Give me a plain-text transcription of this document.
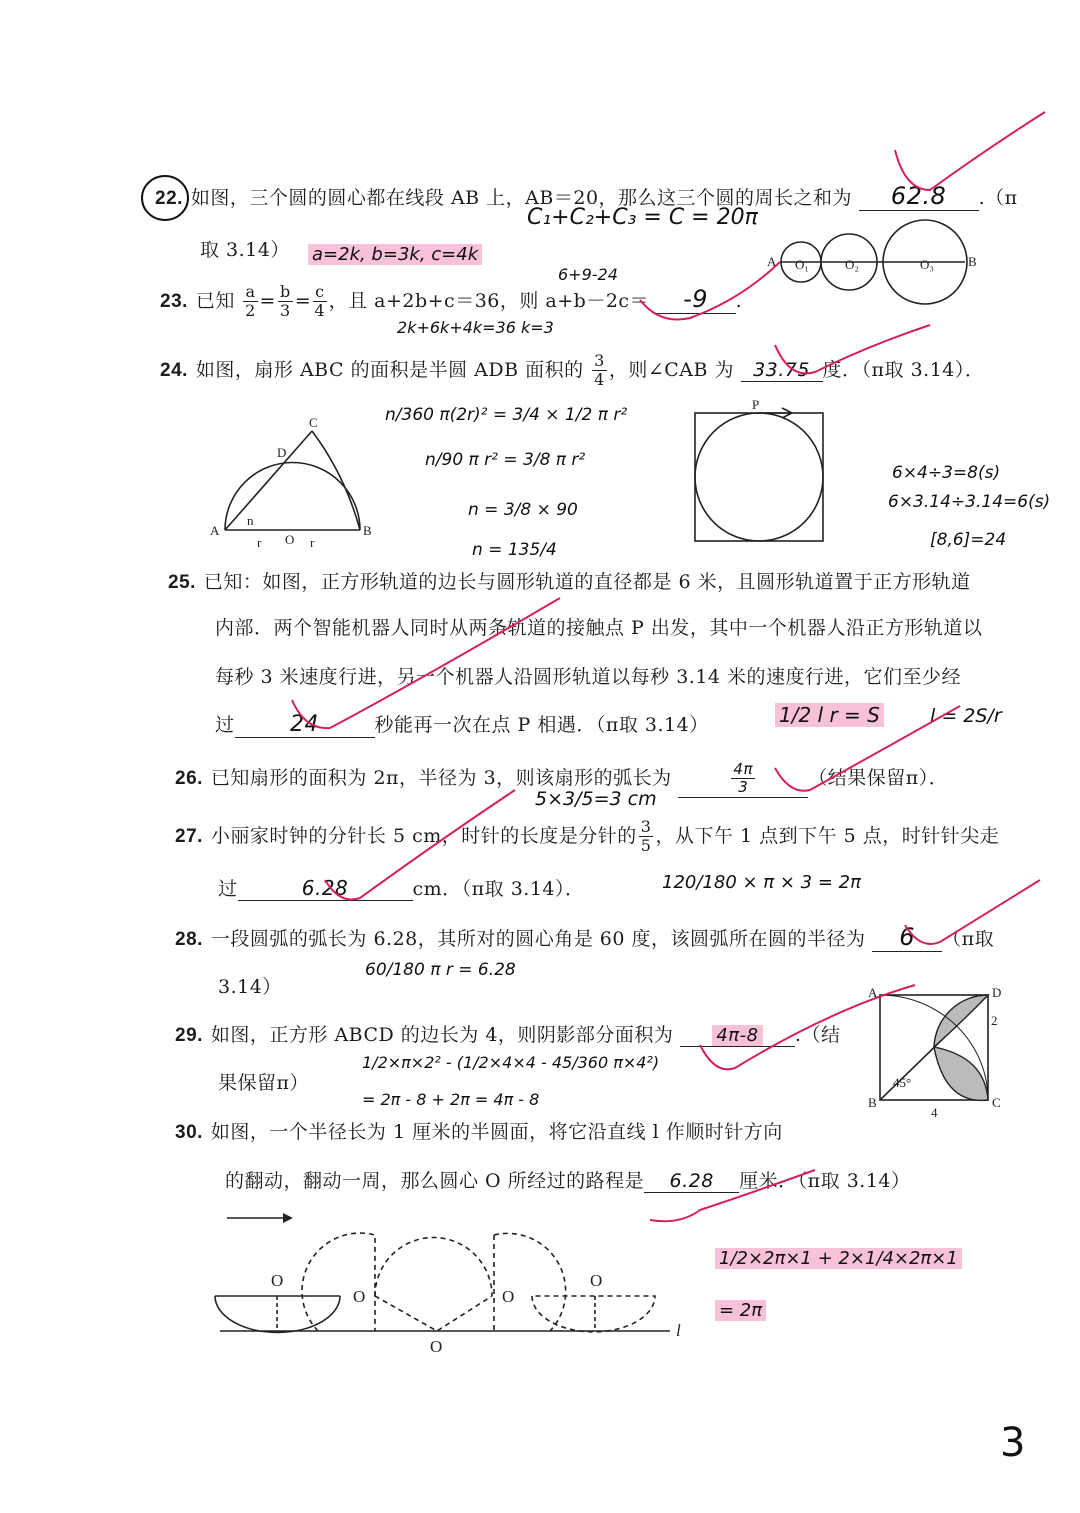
22. 如图，三个圆的圆心都在线段 AB 上，AB＝20，那么这三个圆的周长之和为 62.8 .（π
C₁+C₂+C₃ = C = 20π
取 3.14） a=2k, b=3k, c=4k	A O₁	O₂	O₃	B
23. 已知 $\frac{a}{2} = \frac{b}{3} = \frac{c}{4}$ ，且 a+2b+c＝36，则 a+b－2c＝ -9 .
6+9-24
2k+6k+4k=36 k=3
24. 如图，扇形 ABC 的面积是半圆 ADB 面积的 $\frac{3}{4}$ ，则∠CAB 为 33.75 度．（π取 3.14）．
A	B
C
D
O
r	r
n
n/360 π(2r)² = 3/4 × 1/2 π r²
n/90 π r² = 3/8 π r²
n = 3/8 × 90
n = 135/4
P
6×4÷3=8(s)
6×3.14÷3.14=6(s)
[8,6]=24
25. 已知：如图，正方形轨道的边长与圆形轨道的直径都是 6 米，且圆形轨道置于正方形轨道
内部．两个智能机器人同时从两条轨道的接触点 P 出发，其中一个机器人沿正方形轨道以
每秒 3 米速度行进，另一个机器人沿圆形轨道以每秒 3.14 米的速度行进，它们至少经
过	24	秒能再一次在点 P 相遇．（π取 3.14）	1/2 l r = S	l = 2S/r
26. 已知扇形的面积为 2π，半径为 3，则该扇形的弧长为	$\frac{4\pi}{3}$	（结果保留π）．
5×3/5=3 cm
27. 小丽家时钟的分针长 5 cm，时针的长度是分针的 $\frac{3}{5}$ ，从下午 1 点到下午 5 点，时针针尖走
过	6.28	cm．（π取 3.14）．	120/180 × π × 3 = 2π
28. 一段圆弧的弧长为 6.28，其所对的圆心角是 60 度，该圆弧所在圆的半径为 6 （π取
3.14）
60/180 π r = 6.28
29. 如图，正方形 ABCD 的边长为 4，则阴影部分面积为 4π-8 .（结
果保留π）
1/2×π×2² - (1/2×4×4 - 45/360 π×4²)
= 2π - 8 + 2π = 4π - 8
A	D
B	C
2
4
45°
30. 如图，一个半径长为 1 厘米的半圆面，将它沿直线 l 作顺时针方向
的翻动，翻动一周，那么圆心 O 所经过的路程是 6.28 厘米．（π取 3.14）
O
O
O
O
O
l
1/2×2π×1 + 2×1/4×2π×1
= 2π
3
